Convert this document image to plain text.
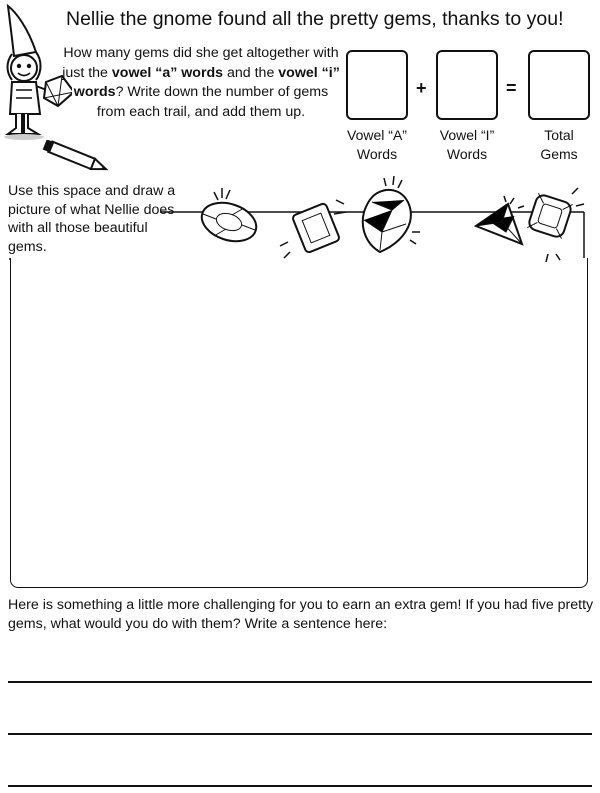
Nellie the gnome found all the pretty gems, thanks to you!
How many gems did she get altogether with just the vowel “a” words and the vowel “i” words? Write down the number of gems from each trail, and add them up.
+	=
Vowel “A”
Words
Vowel “I”
Words
Total
Gems
Use this space and draw a picture of what Nellie does with all those beautiful gems.
Here is something a little more challenging for you to earn an extra gem! If you had five pretty gems, what would you do with them? Write a sentence here:
